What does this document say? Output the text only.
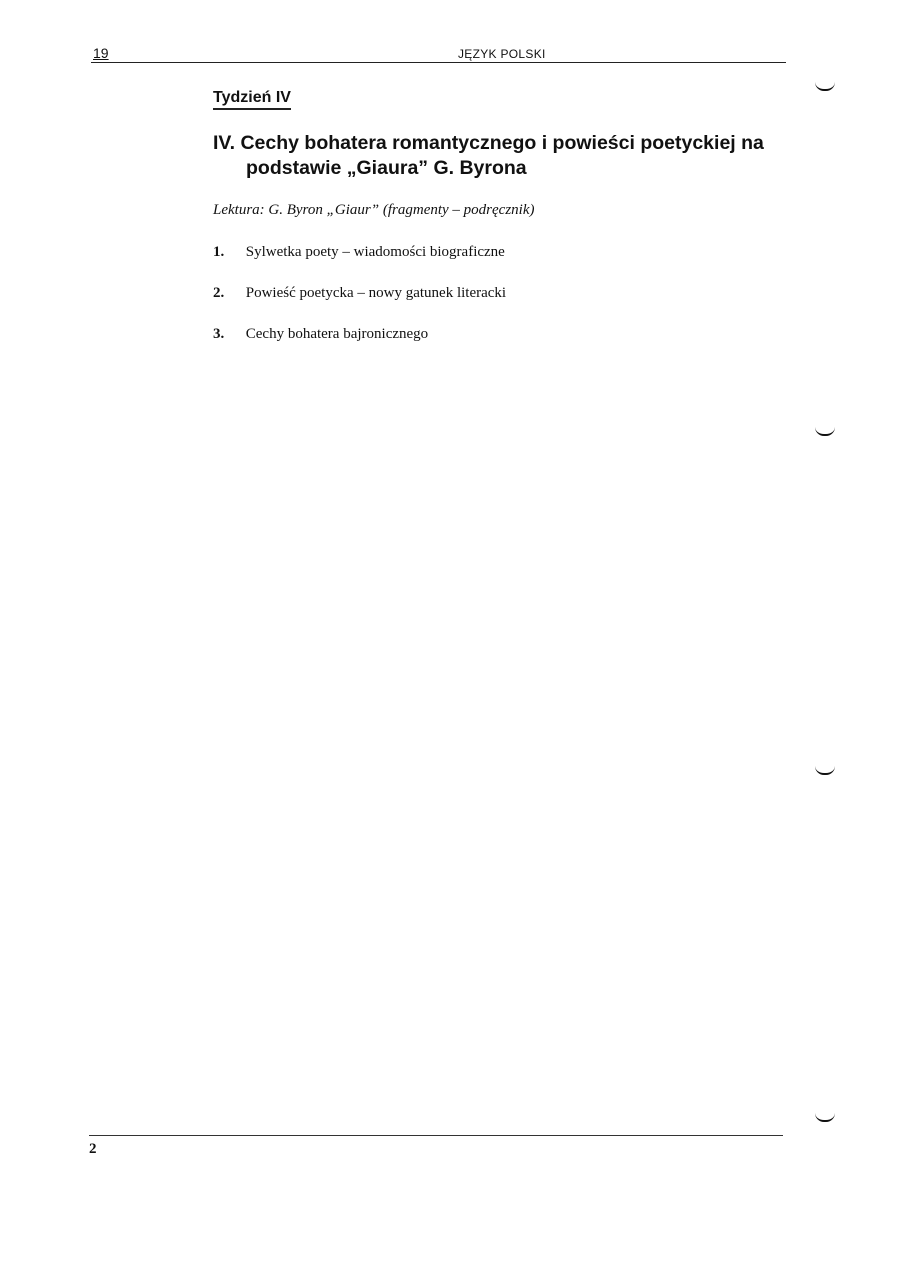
19	JĘZYK POLSKI
Tydzień IV
IV. Cechy bohatera romantycznego i powieści poetyckiej na
podstawie „Giaura” G. Byrona
Lektura: G. Byron „Giaur” (fragmenty – podręcznik)
1. Sylwetka poety – wiadomości biograficzne
2. Powieść poetycka – nowy gatunek literacki
3. Cechy bohatera bajronicznego
2
